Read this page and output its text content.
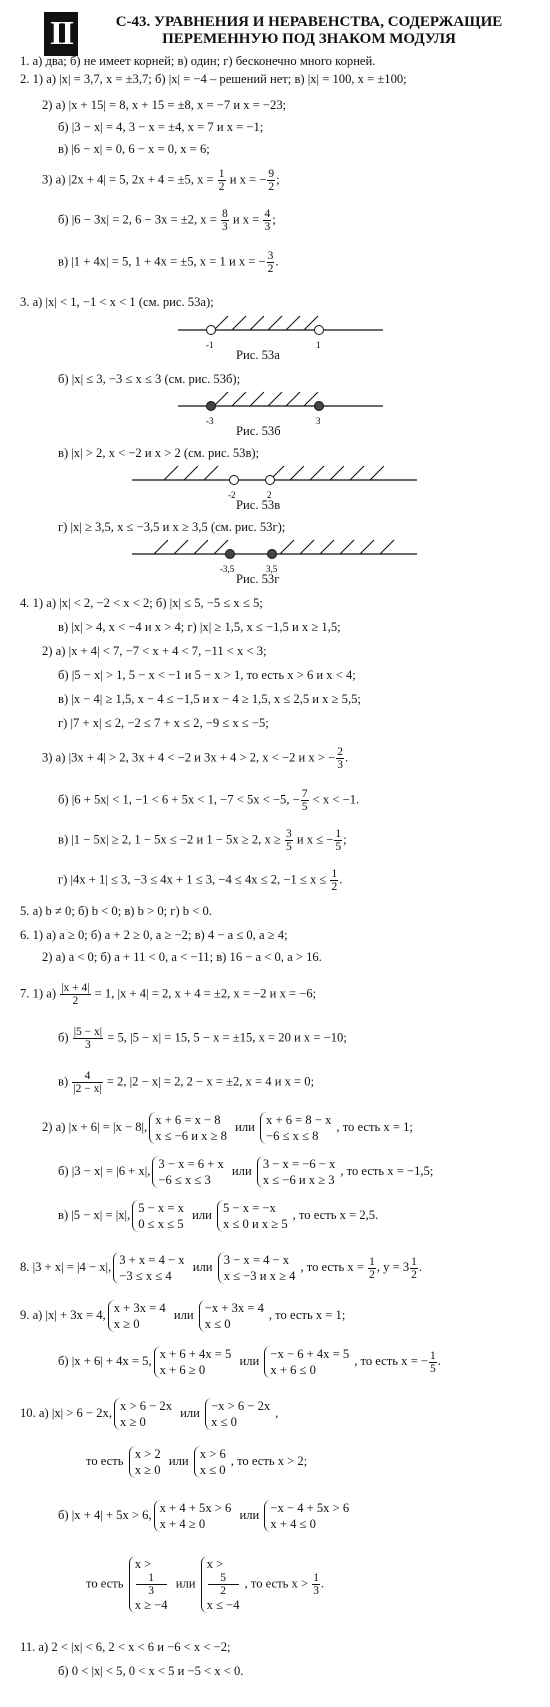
II	С-43. УРАВНЕНИЯ И НЕРАВЕНСТВА, СОДЕРЖАЩИЕ
ПЕРЕМЕННУЮ ПОД ЗНАКОМ МОДУЛЯ
1. а) два; б) не имеет корней; в) один; г) бесконечно много корней.
2. 1) а) |x| = 3,7, x = ±3,7; б) |x| = −4 – решений нет; в) |x| = 100, x = ±100;
2) а) |x + 15| = 8, x + 15 = ±8, x = −7 и x = −23;
б) |3 − x| = 4, 3 − x = ±4, x = 7 и x = −1;
в) |6 − x| = 0, 6 − x = 0, x = 6;
3) а) |2x + 4| = 5, 2x + 4 = ±5, $x = \frac{1}{2}$ и x = − $\frac{9}{2}$ ;
б) |6 − 3x| = 2, 6 − 3x = ±2, $x = \frac{8}{3}$ и $x = \frac{4}{3}$ ;
в) |1 + 4x| = 5, 1 + 4x = ±5, x = 1 и x = − $\frac{3}{2}$ .
3. а) |x| < 1, −1 < x < 1 (см. рис. 53а);
-1	1
Рис. 53а
б) |x| ≤ 3, −3 ≤ x ≤ 3 (см. рис. 53б);
-3	3
Рис. 53б
в) |x| > 2, x < −2 и x > 2 (см. рис. 53в);
-2	2
Рис. 53в
г) |x| ≥ 3,5, x ≤ −3,5 и x ≥ 3,5 (см. рис. 53г);
-3,5	3,5
Рис. 53г
4. 1) а) |x| < 2, −2 < x < 2; б) |x| ≤ 5, −5 ≤ x ≤ 5;
в) |x| > 4, x < −4 и x > 4; г) |x| ≥ 1,5, x ≤ −1,5 и x ≥ 1,5;
2) а) |x + 4| < 7, −7 < x + 4 < 7, −11 < x < 3;
б) |5 − x| > 1, 5 − x < −1 и 5 − x > 1, то есть x > 6 и x < 4;
в) |x − 4| ≥ 1,5, x − 4 ≤ −1,5 и x − 4 ≥ 1,5, x ≤ 2,5 и x ≥ 5,5;
г) |7 + x| ≤ 2, −2 ≤ 7 + x ≤ 2, −9 ≤ x ≤ −5;
3) а) |3x + 4| > 2, 3x + 4 < −2 и 3x + 4 > 2, x < −2 и x > − $\frac{2}{3}$ .
б) |6 + 5x| < 1, −1 < 6 + 5x < 1, −7 < 5x < −5, − $\frac{7}{5} < x < -1$.
в) |1 − 5x| ≥ 2, 1 − 5x ≤ −2 и 1 − 5x ≥ 2, $x \ge \frac{3}{5}$ и x ≤ − $\frac{1}{5}$ ;
г) |4x + 1| ≤ 3, −3 ≤ 4x + 1 ≤ 3, −4 ≤ 4x ≤ 2, $-1 \le x \le \frac{1}{2}$ .
5. а) b ≠ 0; б) b < 0; в) b > 0; г) b < 0.
6. 1) а) a ≥ 0; б) a + 2 ≥ 0, a ≥ −2; в) 4 − a ≤ 0, a ≥ 4;
2) а) a < 0; б) a + 11 < 0, a < −11; в) 16 − a < 0, a > 16.
7. 1) $а) \frac{|x + 4|}{2} = 1$, |x + 4| = 2, x + 4 = ±2, x = −2 и x = −6;
$б) \frac{|5 - x|}{3} = 5$, |5 − x| = 15, 5 − x = ±15, x = 20 и x = −10;
$в) \frac{4}{|2 - x|} = 2$, |2 − x| = 2, 2 − x = ±2, x = 4 и x = 0;
2) а) |x + 6| = |x − 8|, x + 6 = x − 8
x ≤ −6 и x ≥ 8
или x + 6 = 8 − x
−6 ≤ x ≤ 8
, то есть x = 1;
б) |3 − x| = |6 + x|, 3 − x = 6 + x
−6 ≤ x ≤ 3
или 3 − x = −6 − x
x ≤ −6 и x ≥ 3
, то есть x = −1,5;
в) |5 − x| = |x|, 5 − x = x
0 ≤ x ≤ 5
или 5 − x = −x
x ≤ 0 и x ≥ 5
, то есть x = 2,5.
8. |3 + x| = |4 − x|, 3 + x = 4 − x
−3 ≤ x ≤ 4
или 3 − x = 4 − x
x ≤ −3 и x ≥ 4
, то есть $x = \frac{1}{2}$ , $y = 3 \frac{1}{2}$ .
9. а) |x| + 3x = 4, x + 3x = 4
x ≥ 0
или −x + 3x = 4
x ≤ 0
, то есть x = 1;
б) |x + 6| + 4x = 5, x + 6 + 4x = 5
x + 6 ≥ 0
или −x − 6 + 4x = 5
x + 6 ≤ 0
, то есть x = − $\frac{1}{5}$ .
10. а) |x| > 6 − 2x, x > 6 − 2x
x ≥ 0
или −x > 6 − 2x
x ≤ 0
,
то есть x > 2
x ≥ 0
или x > 6
x ≤ 0
, то есть x > 2;
б) |x + 4| + 5x > 6, x + 4 + 5x > 6
x + 4 ≥ 0
или −x − 4 + 5x > 6
x + 4 ≤ 0
то есть
x >
1
3
x ≥ −4
или
x >
5
2
x ≤ −4
, то есть $x > \frac{1}{3}$ .
11. а) 2 < |x| < 6, 2 < x < 6 и −6 < x < −2;
б) 0 < |x| < 5, 0 < x < 5 и −5 < x < 0.
